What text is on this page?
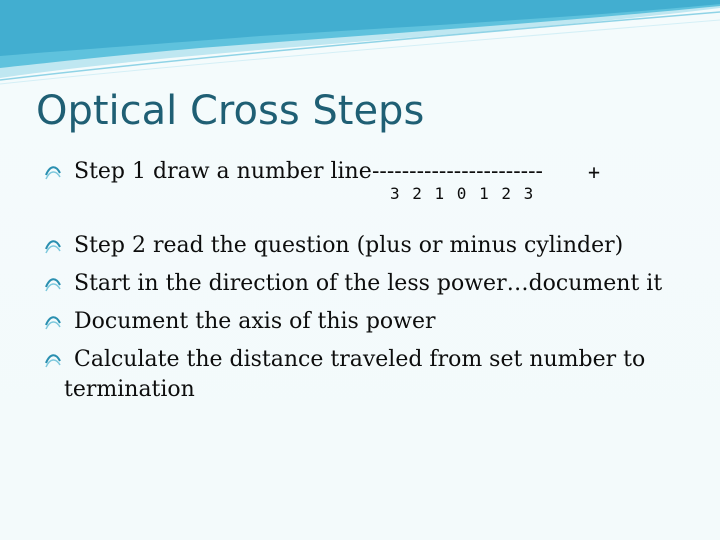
Optical Cross Steps
Step 1 draw a number line ----------------------- +
3 2 1 0 1 2 3
Step 2 read the question (plus or minus cylinder)
Start in the direction of the less power…document it
Document the axis of this power
Calculate the distance traveled from set number to
termination
